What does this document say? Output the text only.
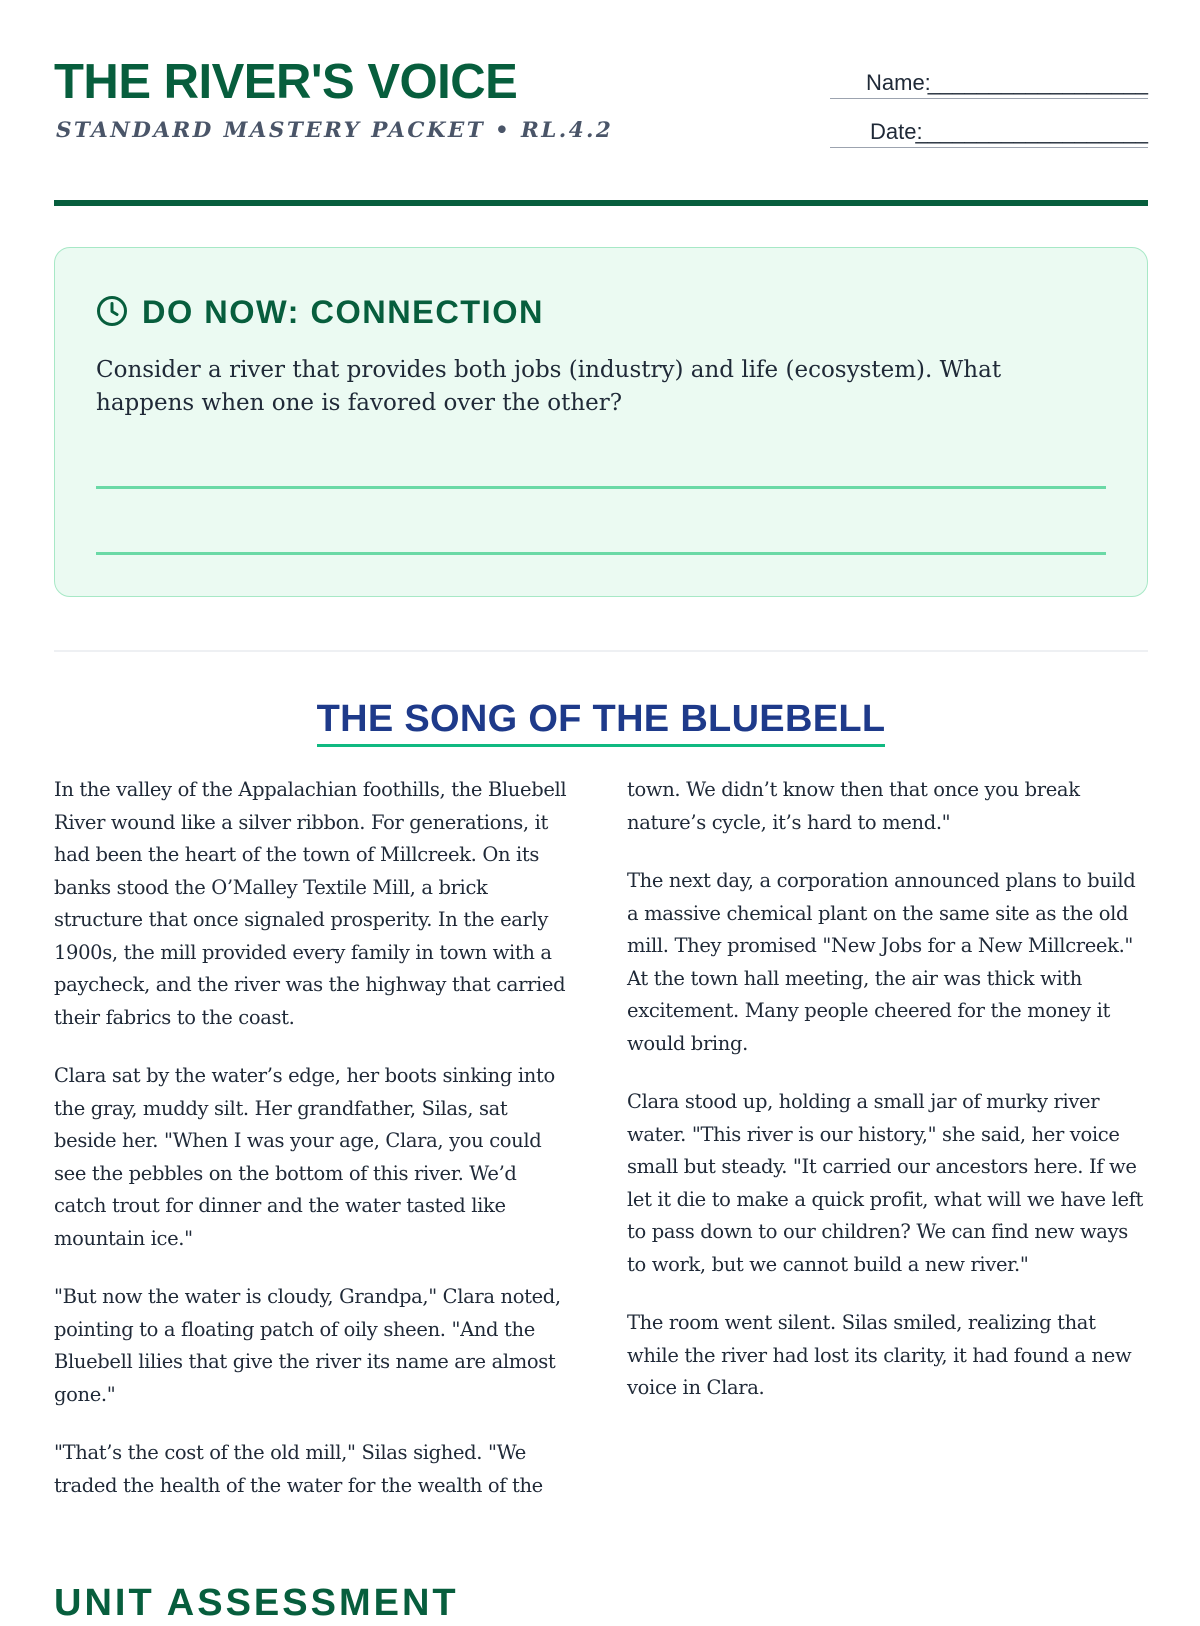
THE RIVER'S VOICE
STANDARD MASTERY PACKET • RL.4.2
Name:
__________________
Date:
___________________
DO NOW: CONNECTION
Consider a river that provides both jobs (industry) and life (ecosystem). What happens when one is favored over the other?
THE SONG OF THE BLUEBELL

In the valley of the Appalachian foothills, the Bluebell River wound like a silver ribbon. For generations, it had been the heart of the town of Millcreek. On its banks stood the O’Malley Textile Mill, a brick structure that once signaled prosperity. In the early 1900s, the mill provided every family in town with a paycheck, and the river was the highway that carried their fabrics to the coast.

Clara sat by the water’s edge, her boots sinking into the gray, muddy silt. Her grandfather, Silas, sat beside her. "When I was your age, Clara, you could see the pebbles on the bottom of this river. We’d catch trout for dinner and the water tasted like mountain ice."

"But now the water is cloudy, Grandpa," Clara noted, pointing to a floating patch of oily sheen. "And the Bluebell lilies that give the river its name are almost gone."

"That’s the cost of the old mill," Silas sighed. "We traded the health of the water for the wealth of the

town. We didn’t know then that once you break nature’s cycle, it’s hard to mend."

The next day, a corporation announced plans to build a massive chemical plant on the same site as the old mill. They promised "New Jobs for a New Millcreek." At the town hall meeting, the air was thick with excitement. Many people cheered for the money it would bring.

Clara stood up, holding a small jar of murky river water. "This river is our history," she said, her voice small but steady. "It carried our ancestors here. If we let it die to make a quick profit, what will we have left to pass down to our children? We can find new ways to work, but we cannot build a new river."

The room went silent. Silas smiled, realizing that while the river had lost its clarity, it had found a new voice in Clara.

UNIT ASSESSMENT
